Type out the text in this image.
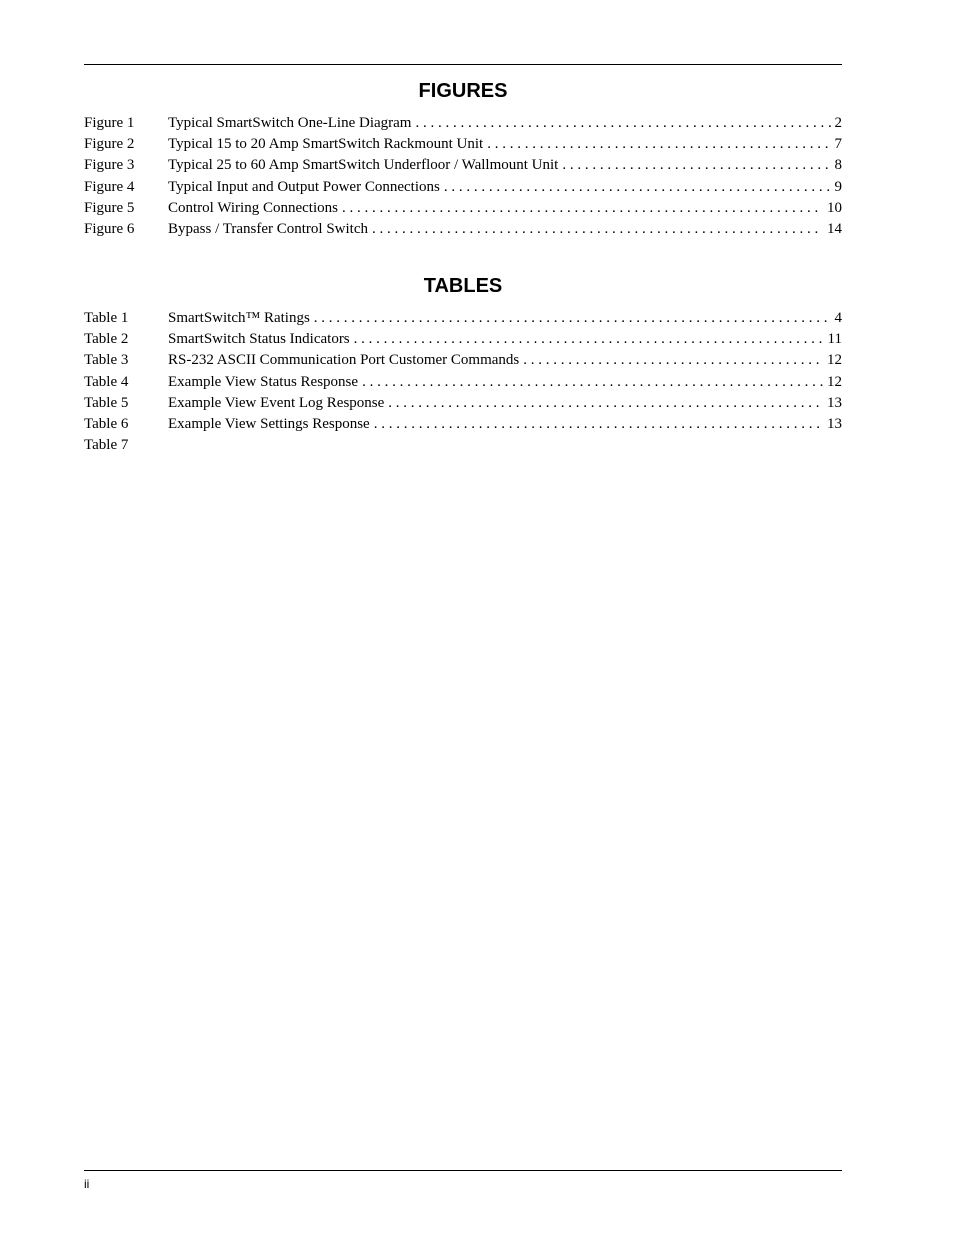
FIGURES
Figure 1	Typical SmartSwitch One-Line Diagram . . .	2
Figure 2	Typical 15 to 20 Amp SmartSwitch Rackmount Unit . . .	7
Figure 3	Typical 25 to 60 Amp SmartSwitch Underfloor / Wallmount Unit . . .	8
Figure 4	Typical Input and Output Power Connections . . .	9
Figure 5	Control Wiring Connections . . .	10
Figure 6	Bypass / Transfer Control Switch . . .	14
TABLES
Table 1	SmartSwitch™ Ratings . . .	4
Table 2	SmartSwitch Status Indicators . . .	11
Table 3	RS-232 ASCII Communication Port Customer Commands . . .	12
Table 4	Example View Status Response . . .	12
Table 5	Example View Event Log Response . . .	13
Table 6	Example View Settings Response . . .	13
Table 7
ii
